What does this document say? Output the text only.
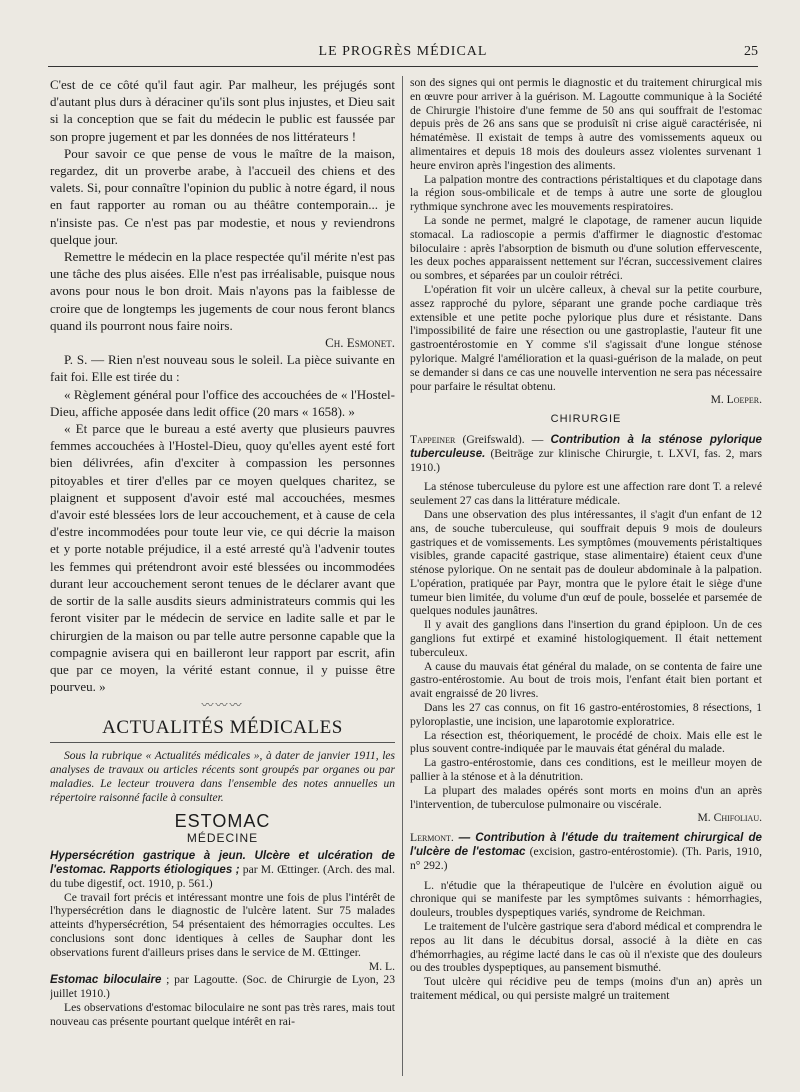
LE PROGRÈS MÉDICAL	25

C'est de ce côté qu'il faut agir. Par malheur, les préjugés sont d'autant plus durs à déraciner qu'ils sont plus injustes, et Dieu sait si la conception que se fait du médecin le public est faussée par son propre jugement et par les données de nos littérateurs !

Pour savoir ce que pense de vous le maître de la maison, regardez, dit un proverbe arabe, à l'accueil des chiens et des valets. Si, pour connaître l'opinion du public à notre égard, il nous en faut rapporter au roman ou au théâtre contemporain... je n'insiste pas. Ce n'est pas par modestie, et nous y reviendrons quelque jour.

Remettre le médecin en la place respectée qu'il mérite n'est pas une tâche des plus aisées. Elle n'est pas irréalisable, puisque nous avons pour nous le bon droit. Mais n'ayons pas la faiblesse de croire que de longtemps les jugements de cour nous feront blancs quand ils pourront nous faire noirs.

Ch. Esmonet.

P. S. — Rien n'est nouveau sous le soleil. La pièce suivante en fait foi. Elle est tirée du :

« Règlement général pour l'office des accouchées de « l'Hostel-Dieu, affiche apposée dans ledit office (20 mars « 1658). »

« Et parce que le bureau a esté averty que plusieurs pauvres femmes accouchées à l'Hostel-Dieu, quoy qu'elles ayent esté fort bien délivrées, afin d'exciter à compassion les personnes pitoyables et tirer d'elles par ce moyen quelques charitez, se plaignent et supposent d'avoir esté mal accouchées, mesmes d'avoir esté blessées lors de leur accouchement, et à cause de cela d'estre incommodées pour toute leur vie, ce qui décrie la maison et y porte notable préjudice, il a esté arresté qu'à l'advenir toutes les femmes qui prétendront avoir esté blessées ou incommodées durant leur accouchement seront tenues de le déclarer avant que de sortir de la salle ausdits sieurs administrateurs commis qui les feront visiter par le médecin de service en ladite salle et par le chirurgien de la maison ou par telle autre personne capable que la compagnie avisera qui en bailleront leur rapport par escrit, afin que par ce moyen, la vérité estant connue, il y puisse être pourveu. »

〰〰〰
ACTUALITÉS MÉDICALES

Sous la rubrique « Actualités médicales », à dater de janvier 1911, les analyses de travaux ou articles récents sont groupés par organes ou par maladies. Le lecteur trouvera dans l'ensemble des notes annuelles un répertoire raisonné facile à consulter.

ESTOMAC
MÉDECINE

Hypersécrétion gastrique à jeun. Ulcère et ulcération de l'estomac. Rapports étiologiques ; par M. Œttinger. (Arch. des mal. du tube digestif, oct. 1910, p. 561.)

Ce travail fort précis et intéressant montre une fois de plus l'intérêt de l'hypersécrétion dans le diagnostic de l'ulcère latent. Sur 75 malades atteints d'hypersécrétion, 54 présentaient des hémorragies occultes. Les conclusions sont donc identiques à celles de Sauphar dont les observations furent d'ailleurs prises dans le service de M. Œttinger.

M. L.

Estomac biloculaire ; par Lagoutte. (Soc. de Chirurgie de Lyon, 23 juillet 1910.)

Les observations d'estomac biloculaire ne sont pas très rares, mais tout nouveau cas présente pourtant quelque intérêt en rai-

son des signes qui ont permis le diagnostic et du traitement chirurgical mis en œuvre pour arriver à la guérison. M. Lagoutte communique à la Société de Chirurgie l'histoire d'une femme de 50 ans qui souffrait de l'estomac depuis près de 26 ans sans que se produisît ni crise aiguë caractérisée, ni hématémèse. Il existait de temps à autre des vomissements aqueux ou alimentaires et depuis 18 mois des douleurs assez violentes survenant 1 heure environ après l'ingestion des aliments.

La palpation montre des contractions péristaltiques et du clapotage dans la région sous-ombilicale et de temps à autre une sorte de glouglou rythmique synchrone avec les mouvements respiratoires.

La sonde ne permet, malgré le clapotage, de ramener aucun liquide stomacal. La radioscopie a permis d'affirmer le diagnostic d'estomac biloculaire : après l'absorption de bismuth ou d'une solution effervescente, les deux poches apparaissent nettement sur l'écran, successivement claires ou sombres, et séparées par un couloir rétréci.

L'opération fit voir un ulcère calleux, à cheval sur la petite courbure, assez rapproché du pylore, séparant une grande poche cardiaque très extensible et une petite poche pylorique plus dure et résistante. Dans l'impossibilité de faire une résection ou une gastroplastie, l'auteur fit une gastroentérostomie en Y comme s'il s'agissait d'une longue sténose pylorique. Malgré l'amélioration et la quasi-guérison de la malade, on peut se demander si dans ce cas une nouvelle intervention ne sera pas nécessaire pour parfaire le résultat obtenu.

M. Loeper.
CHIRURGIE

Tappeiner (Greifswald). — Contribution à la sténose pylorique tuberculeuse. (Beiträge zur klinische Chirurgie, t. LXVI, fas. 2, mars 1910.)

La sténose tuberculeuse du pylore est une affection rare dont T. a relevé seulement 27 cas dans la littérature médicale.

Dans une observation des plus intéressantes, il s'agit d'un enfant de 12 ans, de souche tuberculeuse, qui souffrait depuis 9 mois de douleurs gastriques et de vomissements. Les symptômes (mouvements péristaltiques visibles, grande capacité gastrique, stase alimentaire) étaient ceux d'une sténose pylorique. On ne sentait pas de douleur abdominale à la palpation. L'opération, pratiquée par Payr, montra que le pylore était le siège d'une tumeur bien limitée, du volume d'un œuf de poule, bosselée et parsemée de quelques nodules jaunâtres.

Il y avait des ganglions dans l'insertion du grand épiploon. Un de ces ganglions fut extirpé et examiné histologiquement. Il était nettement tuberculeux.

A cause du mauvais état général du malade, on se contenta de faire une gastro-entérostomie. Au bout de trois mois, l'enfant était bien portant et avait engraissé de 20 livres.

Dans les 27 cas connus, on fit 16 gastro-entérostomies, 8 résections, 1 pyloroplastie, une incision, une laparotomie exploratrice.

La résection est, théoriquement, le procédé de choix. Mais elle est le plus souvent contre-indiquée par le mauvais état général du malade.

La gastro-entérostomie, dans ces conditions, est le meilleur moyen de pallier à la sténose et à la dénutrition.

La plupart des malades opérés sont morts en moins d'un an après l'intervention, de tuberculose pulmonaire ou viscérale.

M. Chifoliau.

Lermont. — Contribution à l'étude du traitement chirurgical de l'ulcère de l'estomac (excision, gastro-entérostomie). (Th. Paris, 1910, n° 292.)

L. n'étudie que la thérapeutique de l'ulcère en évolution aiguë ou chronique qui se manifeste par les symptômes suivants : hémorrhagies, douleurs, troubles dyspeptiques variés, syndrome de Reichman.

Le traitement de l'ulcère gastrique sera d'abord médical et comprendra le repos au lit dans le décubitus dorsal, associé à la diète en cas d'hémorrhagies, au régime lacté dans le cas où il n'existe que des douleurs ou des troubles dyspeptiques, au pansement bismuthé.

Tout ulcère qui récidive peu de temps (moins d'un an) après un traitement médical, ou qui persiste malgré un traitement
